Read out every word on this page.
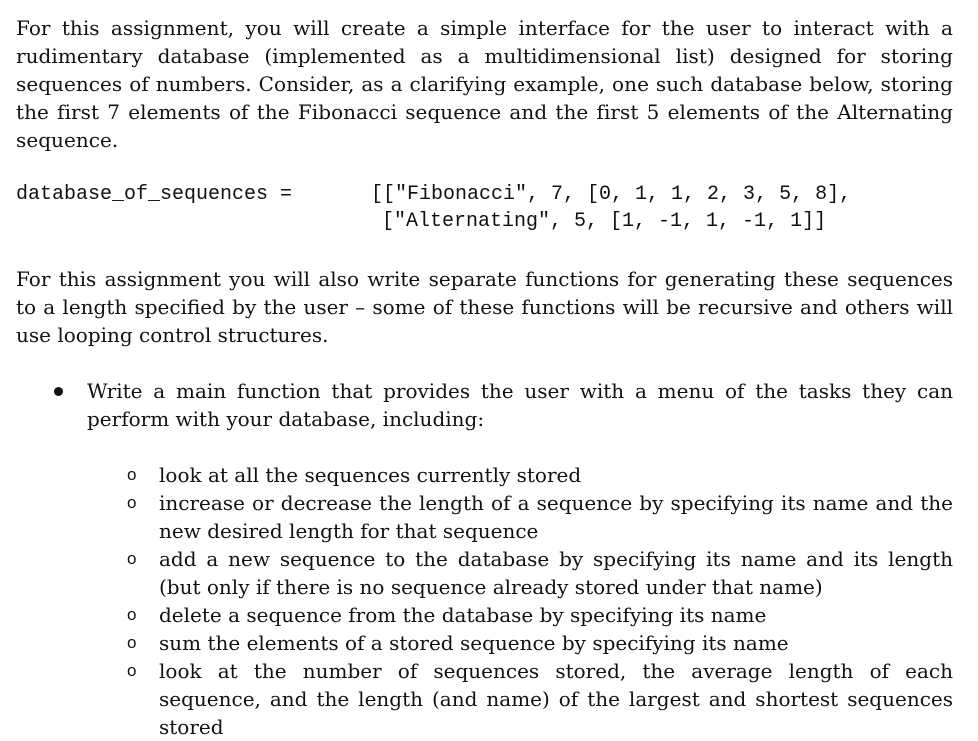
For this assignment, you will create a simple interface for the user to interact with a rudimentary database (implemented as a multidimensional list) designed for storing sequences of numbers. Consider, as a clarifying example, one such database below, storing the first 7 elements of the Fibonacci sequence and the first 5 elements of the Alternating sequence.

database_of_sequences =

	[["Fibonacci", 7, [0, 1, 1, 2, 3, 5, 8],

["Alternating", 5, [1, -1, 1, -1, 1]]

For this assignment you will also write separate functions for generating these sequences to a length specified by the user – some of these functions will be recursive and others will use looping control structures.

Write a main function that provides the user with a menu of the tasks they can perform with your database, including:

o look at all the sequences currently stored
o increase or decrease the length of a sequence by specifying its name and the new desired length for that sequence
o add a new sequence to the database by specifying its name and its length (but only if there is no sequence already stored under that name)
o delete a sequence from the database by specifying its name
o sum the elements of a stored sequence by specifying its name
o look at the number of sequences stored, the average length of each sequence, and the length (and name) of the largest and shortest sequences stored
